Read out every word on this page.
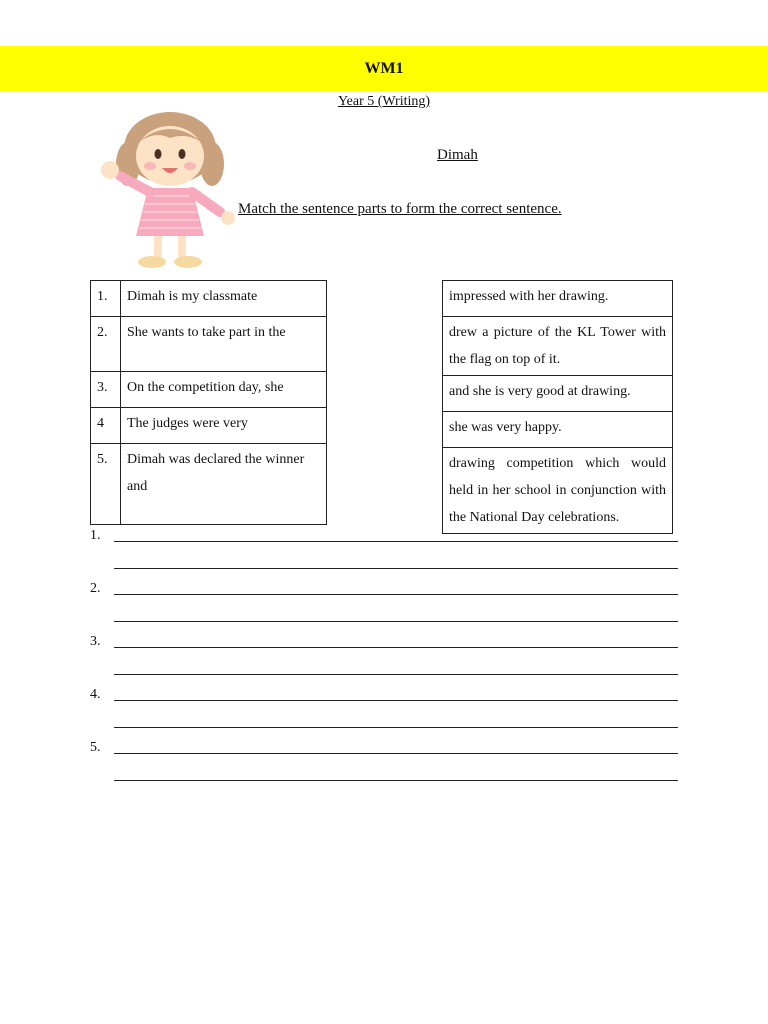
WM1
Year 5 (Writing)
Dimah
Match the sentence parts to form the correct sentence.
1.	Dimah is my classmate
2.	She wants to take part in the
3.	On the competition day, she
4	The judges were very
5.	Dimah was declared the winner and
impressed with her drawing.
drew a picture of the KL Tower with the flag on top of it.
and she is very good at drawing.
she was very happy.
drawing competition which would held in her school in conjunction with the National Day celebrations.
1.
2.
3.
4.
5.
